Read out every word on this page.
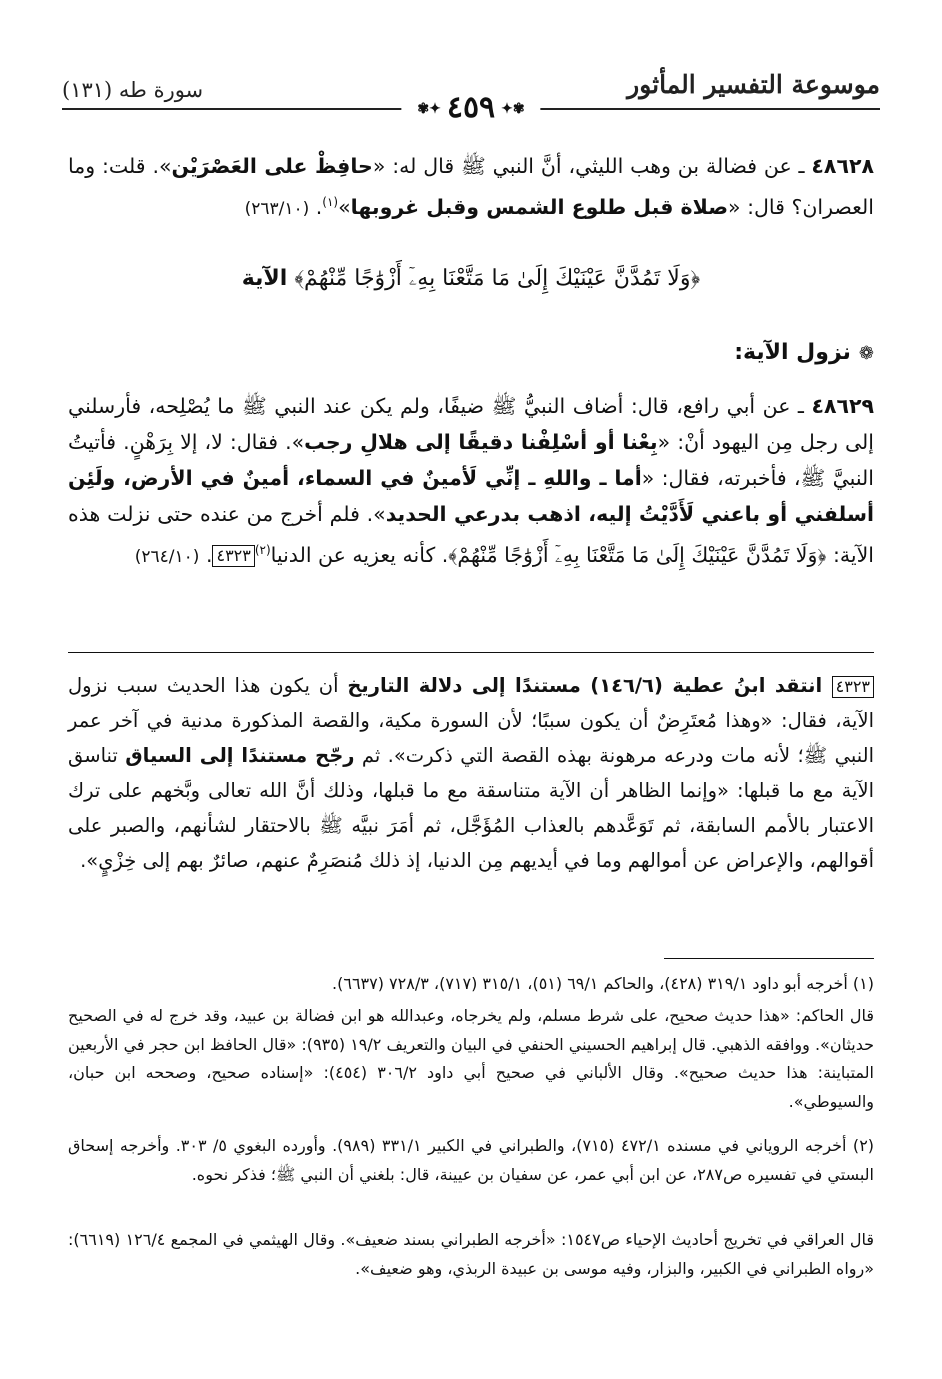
موسوعة التفسير المأثور
✾✦٤٥٩✦✾
سورة طه (١٣١)

٤٨٦٢٨ ـ عن فضالة بن وهب الليثي، أنَّ النبي ﷺ قال له: «حافِظْ على العَصْرَيْن». قلت: وما العصران؟ قال: «صلاة قبل طلوع الشمس وقبل غروبها»$^{(١)}$. (٢٦٣/١٠)

﴿وَلَا تَمُدَّنَّ عَيْنَيْكَ إِلَىٰ مَا مَتَّعْنَا بِهِۦٓ أَزْوَٰجًا مِّنْهُمْ﴾ الآية
❁نزول الآية:

٤٨٦٢٩ ـ عن أبي رافع، قال: أضاف النبيُّ ﷺ ضيفًا، ولم يكن عند النبي ﷺ ما يُصْلِحه، فأرسلني إلى رجل مِن اليهود أنْ: «بِعْنا أو أسْلِفْنا دقيقًا إلى هلالِ رجب». فقال: لا، إلا بِرَهْنٍ. فأتيتُ النبيَّ ﷺ، فأخبرته، فقال: «أما ـ واللهِ ـ إنِّي لَأمينٌ في السماء، أمينٌ في الأرض، ولَئِن أسلفني أو باعني لَأَدَّيْتُ إليه، اذهب بدرعي الحديد». فلم أخرج من عنده حتى نزلت هذه الآية: ﴿وَلَا تَمُدَّنَّ عَيْنَيْكَ إِلَىٰ مَا مَتَّعْنَا بِهِۦٓ أَزْوَٰجًا مِّنْهُمْ﴾. كأنه يعزيه عن الدنيا$^{(٢)}$٤٣٢٣. (٢٦٤/١٠)

٤٣٢٣ انتقد ابنُ عطية (١٤٦/٦) مستندًا إلى دلالة التاريخ أن يكون هذا الحديث سبب نزول الآية، فقال: «وهذا مُعتَرِضٌ أن يكون سببًا؛ لأن السورة مكية، والقصة المذكورة مدنية في آخر عمر النبي ﷺ؛ لأنه مات ودرعه مرهونة بهذه القصة التي ذكرت». ثم رجّح مستندًا إلى السياق تناسق الآية مع ما قبلها: «وإنما الظاهر أن الآية متناسقة مع ما قبلها، وذلك أنَّ الله تعالى وبَّخهم على ترك الاعتبار بالأمم السابقة، ثم تَوَعَّدهم بالعذاب المُؤَجَّل، ثم أمَرَ نبيَّه ﷺ بالاحتقار لشأنهم، والصبر على أقوالهم، والإعراض عن أموالهم وما في أيديهم مِن الدنيا، إذ ذلك مُنصَرِمٌ عنهم، صائرٌ بهم إلى خِزْيٍ».

(١) أخرجه أبو داود ٣١٩/١ (٤٢٨)، والحاكم ٦٩/١ (٥١)، ٣١٥/١ (٧١٧)، ٧٢٨/٣ (٦٦٣٧).

قال الحاكم: «هذا حديث صحيح، على شرط مسلم، ولم يخرجاه، وعبدالله هو ابن فضالة بن عبيد، وقد خرج له في الصحيح حديثان». ووافقه الذهبي. قال إبراهيم الحسيني الحنفي في البيان والتعريف ١٩/٢ (٩٣٥): «قال الحافظ ابن حجر في الأربعين المتباينة: هذا حديث صحيح». وقال الألباني في صحيح أبي داود ٣٠٦/٢ (٤٥٤): «إسناده صحيح، وصححه ابن حبان، والسيوطي».

(٢) أخرجه الروياني في مسنده ٤٧٢/١ (٧١٥)، والطبراني في الكبير ٣٣١/١ (٩٨٩). وأورده البغوي ٥/ ٣٠٣. وأخرجه إسحاق البستي في تفسيره ص٢٨٧، عن ابن أبي عمر، عن سفيان بن عيينة، قال: بلغني أن النبي ﷺ؛ فذكر نحوه.

قال العراقي في تخريج أحاديث الإحياء ص١٥٤٧: «أخرجه الطبراني بسند ضعيف». وقال الهيثمي في المجمع ١٢٦/٤ (٦٦١٩): «رواه الطبراني في الكبير، والبزار، وفيه موسى بن عبيدة الربذي، وهو ضعيف».
